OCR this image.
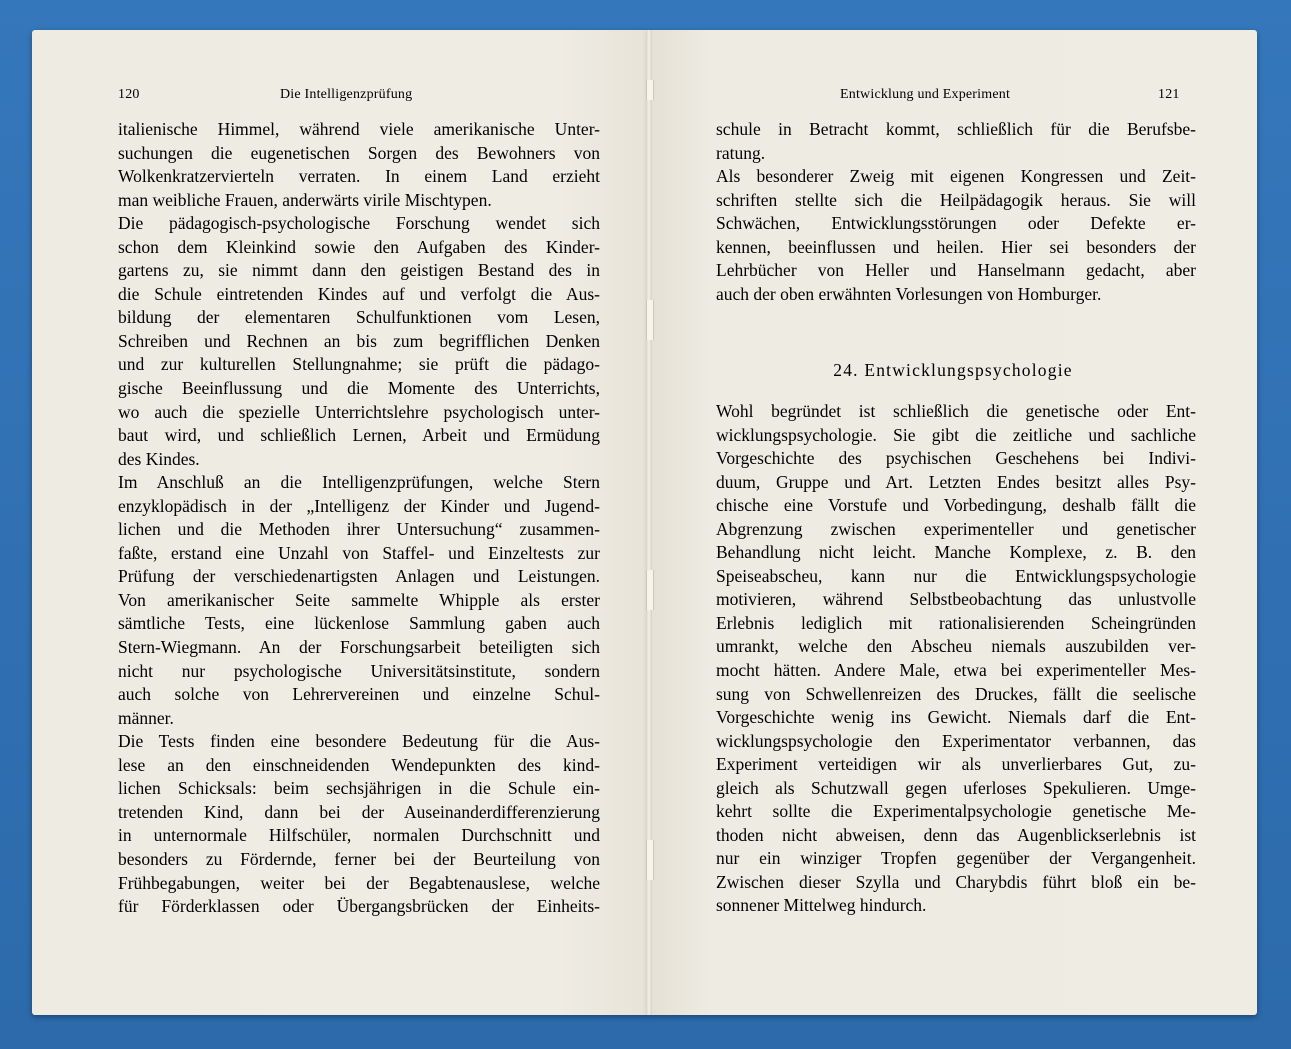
120	Die Intelligenzprüfung	Entwicklung und Experiment	121
italienische Himmel, während viele amerikanische Unter-
suchungen die eugenetischen Sorgen des Bewohners von
Wolkenkratzervierteln verraten. In einem Land erzieht
man weibliche Frauen, anderwärts virile Mischtypen.
Die pädagogisch-psychologische Forschung wendet sich
schon dem Kleinkind sowie den Aufgaben des Kinder-
gartens zu, sie nimmt dann den geistigen Bestand des in
die Schule eintretenden Kindes auf und verfolgt die Aus-
bildung der elementaren Schulfunktionen vom Lesen,
Schreiben und Rechnen an bis zum begrifflichen Denken
und zur kulturellen Stellungnahme; sie prüft die pädago-
gische Beeinflussung und die Momente des Unterrichts,
wo auch die spezielle Unterrichtslehre psychologisch unter-
baut wird, und schließlich Lernen, Arbeit und Ermüdung
des Kindes.
Im Anschluß an die Intelligenzprüfungen, welche Stern
enzyklopädisch in der „Intelligenz der Kinder und Jugend-
lichen und die Methoden ihrer Untersuchung“ zusammen-
faßte, erstand eine Unzahl von Staffel- und Einzeltests zur
Prüfung der verschiedenartigsten Anlagen und Leistungen.
Von amerikanischer Seite sammelte Whipple als erster
sämtliche Tests, eine lückenlose Sammlung gaben auch
Stern-Wiegmann. An der Forschungsarbeit beteiligten sich
nicht nur psychologische Universitätsinstitute, sondern
auch solche von Lehrervereinen und einzelne Schul-
männer.
Die Tests finden eine besondere Bedeutung für die Aus-
lese an den einschneidenden Wendepunkten des kind-
lichen Schicksals: beim sechsjährigen in die Schule ein-
tretenden Kind, dann bei der Auseinanderdifferenzierung
in unternormale Hilfschüler, normalen Durchschnitt und
besonders zu Fördernde, ferner bei der Beurteilung von
Frühbegabungen, weiter bei der Begabtenauslese, welche
für Förderklassen oder Übergangsbrücken der Einheits-
schule in Betracht kommt, schließlich für die Berufsbe-
ratung.
Als besonderer Zweig mit eigenen Kongressen und Zeit-
schriften stellte sich die Heilpädagogik heraus. Sie will
Schwächen, Entwicklungsstörungen oder Defekte er-
kennen, beeinflussen und heilen. Hier sei besonders der
Lehrbücher von Heller und Hanselmann gedacht, aber
auch der oben erwähnten Vorlesungen von Homburger.
24. Entwicklungspsychologie
Wohl begründet ist schließlich die genetische oder Ent-
wicklungspsychologie. Sie gibt die zeitliche und sachliche
Vorgeschichte des psychischen Geschehens bei Indivi-
duum, Gruppe und Art. Letzten Endes besitzt alles Psy-
chische eine Vorstufe und Vorbedingung, deshalb fällt die
Abgrenzung zwischen experimenteller und genetischer
Behandlung nicht leicht. Manche Komplexe, z. B. den
Speiseabscheu, kann nur die Entwicklungspsychologie
motivieren, während Selbstbeobachtung das unlustvolle
Erlebnis lediglich mit rationalisierenden Scheingründen
umrankt, welche den Abscheu niemals auszubilden ver-
mocht hätten. Andere Male, etwa bei experimenteller Mes-
sung von Schwellenreizen des Druckes, fällt die seelische
Vorgeschichte wenig ins Gewicht. Niemals darf die Ent-
wicklungspsychologie den Experimentator verbannen, das
Experiment verteidigen wir als unverlierbares Gut, zu-
gleich als Schutzwall gegen uferloses Spekulieren. Umge-
kehrt sollte die Experimentalpsychologie genetische Me-
thoden nicht abweisen, denn das Augenblickserlebnis ist
nur ein winziger Tropfen gegenüber der Vergangenheit.
Zwischen dieser Szylla und Charybdis führt bloß ein be-
sonnener Mittelweg hindurch.
